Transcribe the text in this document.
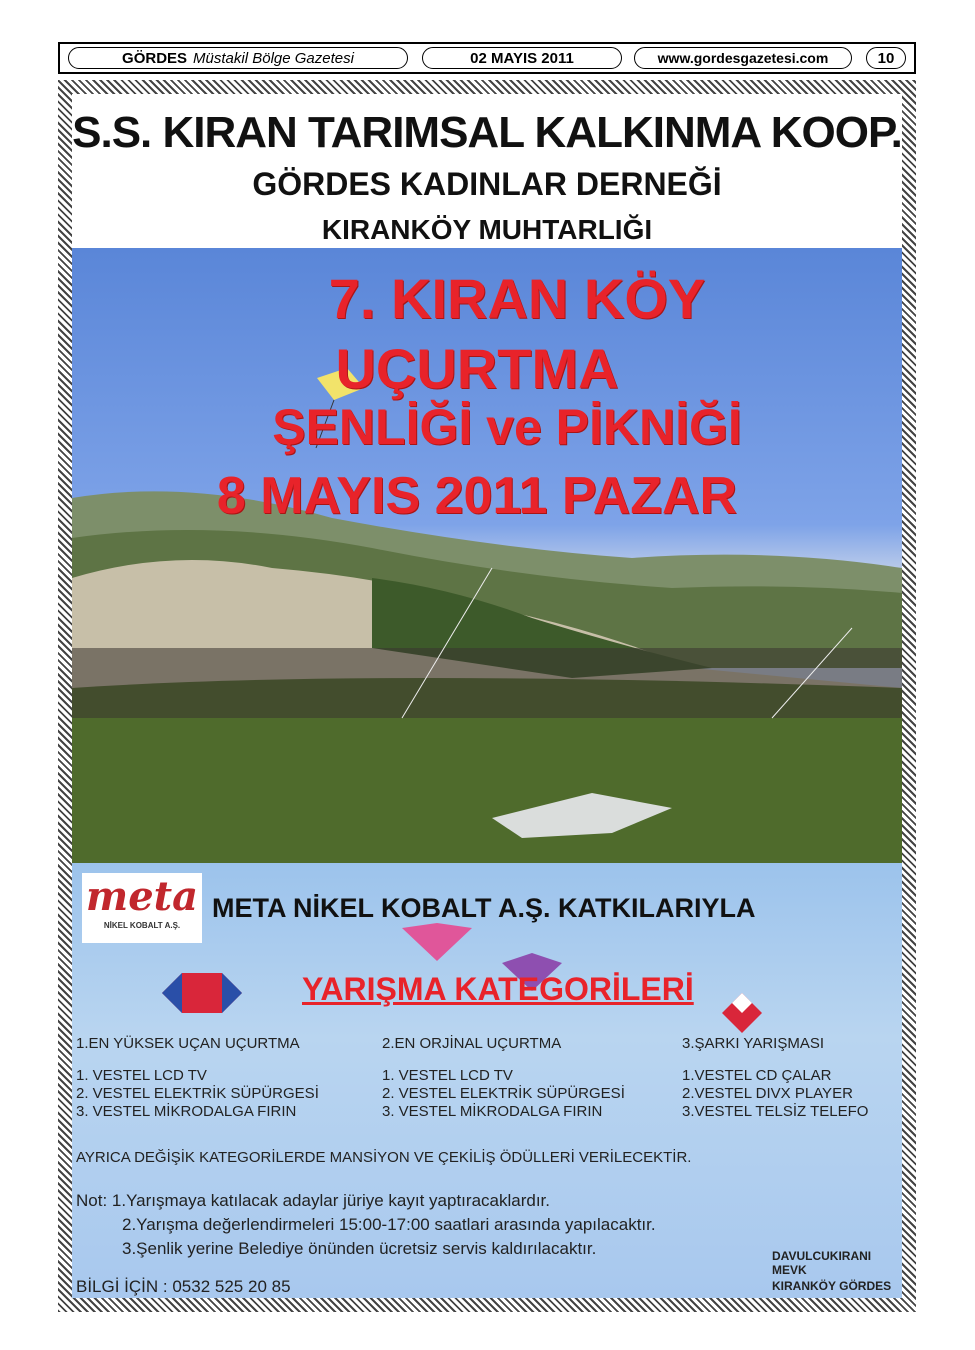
GÖRDES Müstakil Bölge Gazetesi	02 MAYIS 2011	www.gordesgazetesi.com	10
S.S. KIRAN TARIMSAL KALKINMA KOOP.
GÖRDES KADINLAR DERNEĞİ
KIRANKÖY MUHTARLIĞI
7. KIRAN KÖY
UÇURTMA
ŞENLİĞİ ve PİKNİĞİ
8 MAYIS 2011 PAZAR
meta
NİKEL KOBALT A.Ş.
META NİKEL KOBALT A.Ş. KATKILARIYLA
YARIŞMA KATEGORİLERİ
1.EN YÜKSEK UÇAN UÇURTMA
1. VESTEL LCD TV
2. VESTEL ELEKTRİK SÜPÜRGESİ
3. VESTEL MİKRODALGA FIRIN
2.EN ORJİNAL UÇURTMA
1. VESTEL LCD TV
2. VESTEL ELEKTRİK SÜPÜRGESİ
3. VESTEL MİKRODALGA FIRIN
3.ŞARKI YARIŞMASI
1.VESTEL CD ÇALAR
2.VESTEL DIVX PLAYER
3.VESTEL TELSİZ TELEFO
AYRICA DEĞİŞİK KATEGORİLERDE MANSİYON VE ÇEKİLİŞ ÖDÜLLERİ VERİLECEKTİR.
Not: 1.Yarışmaya katılacak adaylar jüriye kayıt yaptıracaklardır.
2.Yarışma değerlendirmeleri 15:00-17:00 saatlari arasında yapılacaktır.
3.Şenlik yerine Belediye önünden ücretsiz servis kaldırılacaktır.	DAVULCUKIRANI MEVK
BİLGİ İÇİN : 0532 525 20 85	KIRANKÖY GÖRDES
